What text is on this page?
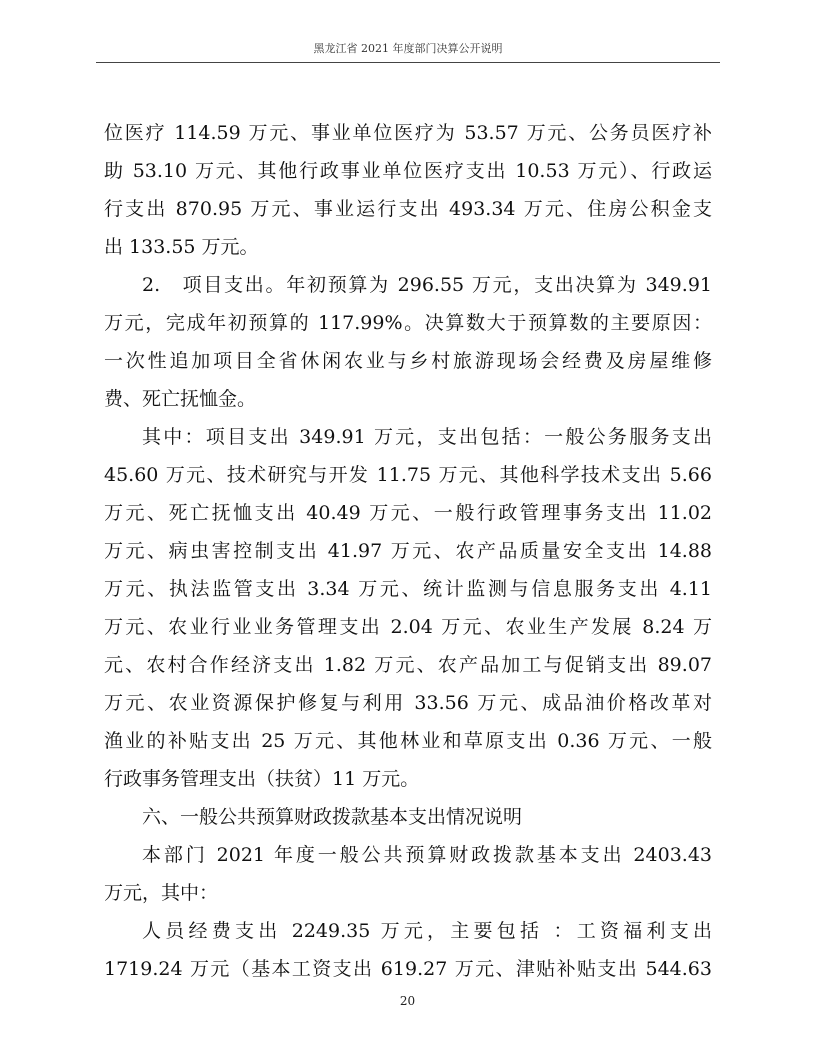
黑龙江省 2021 年度部门决算公开说明
位医疗 114.59 万元、事业单位医疗为 53.57 万元、公务员医疗补
助 53.10 万元、其他行政事业单位医疗支出 10.53 万元）、行政运
行支出 870.95 万元、事业运行支出 493.34 万元、住房公积金支
出 133.55 万元。
2.　项目支出。年初预算为 296.55 万元，支出决算为 349.91
万元，完成年初预算的 117.99%。决算数大于预算数的主要原因：
一次性追加项目全省休闲农业与乡村旅游现场会经费及房屋维修
费、死亡抚恤金。
其中：项目支出 349.91 万元，支出包括：一般公务服务支出
45.60 万元、技术研究与开发 11.75 万元、其他科学技术支出 5.66
万元、死亡抚恤支出 40.49 万元、一般行政管理事务支出 11.02
万元、病虫害控制支出 41.97 万元、农产品质量安全支出 14.88
万元、执法监管支出 3.34 万元、统计监测与信息服务支出 4.11
万元、农业行业业务管理支出 2.04 万元、农业生产发展 8.24 万
元、农村合作经济支出 1.82 万元、农产品加工与促销支出 89.07
万元、农业资源保护修复与利用 33.56 万元、成品油价格改革对
渔业的补贴支出 25 万元、其他林业和草原支出 0.36 万元、一般
行政事务管理支出（扶贫）11 万元。
六、一般公共预算财政拨款基本支出情况说明
本部门 2021 年度一般公共预算财政拨款基本支出 2403.43
万元，其中：
人员经费支出 2249.35 万元，主要包括 ：工资福利支出
1719.24 万元（基本工资支出 619.27 万元、津贴补贴支出 544.63
20
